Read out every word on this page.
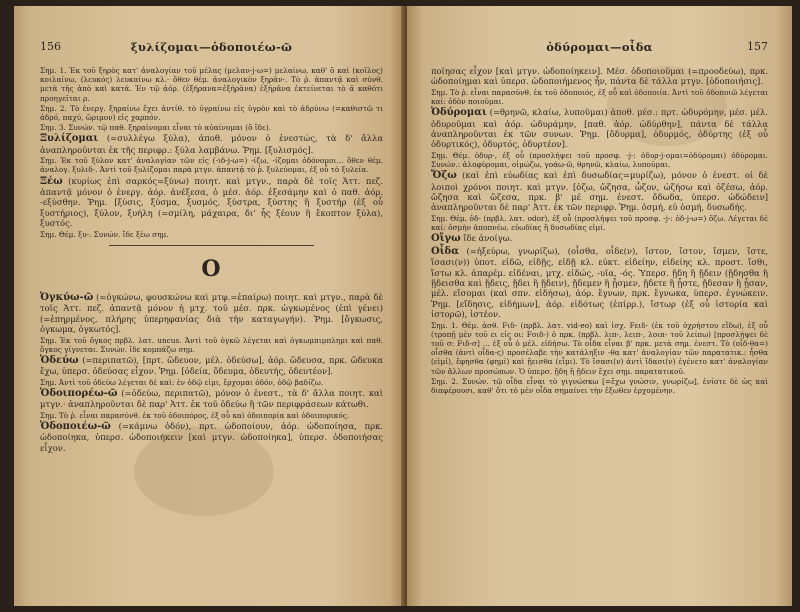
156	ξυλίζομαι—ὁδοποιέω-ῶ

Σημ. 1. Ἐκ τοῦ ξηρὸς κατ' ἀναλογίαν τοῦ μέλας (μελαν-j-ω=) μελαίνω, καθ' ὃ καὶ (κοῖλος) κοιλαίνω, (λευκός) λευκαίνω κλ.· ὅθεν θέμ. ἀναλογικὸν ξηρᾱν-. Τὸ ῥ. ἀπαντᾷ καὶ σύνθ. μετὰ τῆς ἀπὸ καὶ κατά. Ἐν τῷ ἀόρ. (ἐξήρανα=ἐξήρᾱνα) ἐξήρᾱνα ἐκτείνεται τὸ ᾱ καθότι προηγεῖται ρ.

Σημ. 2. Τὸ ἐνεργ. ξηραίνω ἔχει ἀντίθ. τὸ ὑγραίνω εἰς ὑγρὸν καὶ τὸ ἁδρύνω (=καθιστῶ τι ἁδρό, παχύ, ὥριμον) εἰς χαρπόν.

Σημ. 3. Συνών. τῷ παθ. ξηραίνομαι εἶναι τὸ αὐαίνομαι (ὃ ἴδε).

Ξυλίζομαι (=συλλέγω ξύλα), ἀποθ. μόνον ὁ ἐνεστώς, τὰ δ' ἄλλα ἀναπληροῦνται ἐκ τῆς περιφρ.: ξύλα λαμβάνω. Ῥημ. [ξυλισμός].

Σημ. Ἐκ τοῦ ξύλον κατ' ἀναλογίαν τῶν εἰς (-ιδ-j-ω=) -ίζω, -ίζομαι ὁδόνομοι... ὅθεν θέμ. ἀναλογ. ξυλιδ-. Ἀντὶ τοῦ ξυλίζομαι παρὰ μτγν. ἀπαντᾷ τὸ ῥ. ξυλεύομαι, ἐξ οὗ τὸ ξυλεία.

Ξέω (κυρίως ἐπὶ σαρκός=ξύνω) ποιητ. καὶ μτγν., παρὰ δὲ τοῖς Ἀττ. πεζ. ἀπαντᾷ μόνον ὁ ἐνεργ. ἀόρ. ἀνέξεσα, ὁ μέσ. ἀόρ. ἐξεσάμην καὶ ὁ παθ. ἀόρ. -εξύσθην. Ῥημ. [ξύσις, ξύσμα, ξυσμός, ξύστρα, ξύστης ἢ ξυστήρ (ἐξ οὗ ξυστήριος), ξύλον, ξυήλη (=σμίλη, μάχαιρα, δι' ἧς ξέουν ἢ ἔκοπτον ξύλα), ξυστός.

Σημ. Θέμ. ξυ-. Συνών. ἴδε ξέω σημ.

Ο

Ὀγκύω-ῶ (=ὀγκώνω, φουσκώνω καὶ μτφ.=ἐπαίρω) ποιητ. καὶ μτγν., παρὰ δὲ τοῖς Ἀττ. πεζ. ἀπαντᾷ μόνον ἡ μτχ. τοῦ μέσ. πρκ. ὠγκωμένος (ἐπὶ γένει) (=ἐπηρμένος, πλήρης ὑπερηφανίας διὰ τὴν καταγωγήν). Ῥημ. [ὄγκωσις, ὀγκωμα, ὀγκωτός].

Σημ. Ἐκ τοῦ ὄγκος πρβλ. λατ. uncus. Ἀντὶ τοῦ ὀγκῶ λέγεται καὶ ὀγκωμπιμπλημι καὶ παθ. ὄγκος γίγνεται. Συνών. ἴδε κομπάζω σημ.

Ὁδεύω (=περιπατῶ), [πρτ. ὥδευον, μέλ. ὁδεύσω], ἀόρ. ὥδευσα, πρκ. ὥδευκα ἔχω, ὑπερσ. ὁδεύσας εἶχον. Ῥημ. [ὁδεία, ὅδευμα, ὁδευτής, ὁδευτέον].

Σημ. Ἀντὶ τοῦ ὁδεύω λέγεται δὲ καὶ: ἐν ὁδῷ εἰμι, ἔρχομαι ὁδόν, ὁδῷ βαδίζω.

Ὁδοιπορέω-ῶ (=ὁδεύω, περιπατῶ), μόνον ὁ ἐνεστ., τὰ δ' ἄλλα ποιητ. καὶ μτγν.· ἀναπληροῦνται δὲ παρ' Ἀττ. ἐκ τοῦ ὁδεύω ἢ τῶν περιφράσεων κάτωθι.

Σημ. Τὸ ῥ. εἶναι παρασύνθ. ἐκ τοῦ ὁδοιπόρος, ἐξ οὗ καὶ ὁδοιπορία καὶ ὁδοιπορικός.

Ὁδοποιέω-ῶ (=κάμνω ὁδόν), πρτ. ὡδοποίουν, ἀόρ. ὡδοποίησα, πρκ. ὡδοποίηκα, ὑπερσ. ὡδοποιήκειν [καὶ μτγν. ὡδοποίηκα], ὑπερσ. ὁδοποιήσας εἶχον.

ὀδύρομαι—οἶδα	157

ποίησας εἶχον [καὶ μτγν. ὡδοποίηκειν]. Μέσ. ὁδοποιοῦμαι (=προοδεύω), πρκ. ὡδοποίημαι καὶ ὑπερσ. ὡδοποιήμενος ἦν, πάντα δὲ τάλλα μτγν. [ὁδοποιήσις].

Σημ. Τὸ ῥ. εἶναι παρασύνθ. ἐκ τοῦ ὁδοποιός, ἐξ οὗ καὶ ὁδοποιία. Ἀντὶ τοῦ ὁδοποιῶ λέγεται καί: ὁδὸν ποιοῦμαι.

Ὀδύρομαι (=θρηνῶ, κλαίω, λυποῦμαι) ἀποθ. μέσ.: πρτ. ὠδυρόμην, μέσ. μέλ. ὀδυροῦμαι καὶ ἀόρ. ὠδυράμην, [παθ. ἀόρ. ὠδύρθην], πάντα δὲ τάλλα ἀναπληροῦνται ἐκ τῶν συνων. Ῥημ. [ὄδυρμα], ὀδυρμός, ὀδύρτης (ἐξ οὗ ὀδυρτικός), ὀδυρτός, ὀδυρτέον].

Σημ. Θέμ. ὀδυρ-, ἐξ οὗ (προσλήψει τοῦ προσφ. -j-: ὀδυρ-j-ομαι=ὀδύρομαι) ὀδύρομαι. Συνών.: ἀλοφύρομαι, οἰμώζω, γοάω-ῶ, θρηνῶ, κλαίω, λυποῦμαι.

Ὄζω (καὶ ἐπὶ εὐωδίας καὶ ἐπὶ δυσωδίας=μυρίζω), μόνον ὁ ἐνεστ. οἱ δὲ λοιποὶ χρόνοι ποιητ. καὶ μτγν. [ὀζω, ὤζησα, ὦζον, ὠζήσω καὶ ὀζέσω, ἀόρ. ὤζησα καὶ ὤζεσα, πρκ. β' μέ σημ. ἐνεστ. ὄδωδα, ὑπερσ. ὠδώδειν] ἀναπληροῦνται δὲ παρ' Ἀττ. ἐκ τῶν περιφρ. Ῥημ. ὀσμή, εὐ ὀσμή, δυσωδής.

Σημ. Θέμ. ὀδ- (πρβλ. λατ. odor), ἐξ οὗ (προσλήψει τοῦ προσφ. -j-: ὀδ-j-ω=) ὄζω. Λέγεται δὲ καί: ὀσμὴν ἀποπνέω, εὐωδίας ἢ δυσωδίας εἰμί.

Οἴγω ἴδε ἀνοίγω.

Οἶδα (=ἠξεύρω, γνωρίζω), (οἶσθα, οἶδε(ν), ἴστον, ἴστον, ἴσμεν, ἴστε, ἴσασι(ν)) ὑποτ. εἰδῶ, εἰδῇς, εἰδῇ κλ. εὐκτ. εἰδείην, εἰδείης κλ. προστ. ἴσθι, ἴστω κλ. ἀπαρέμ. εἰδέναι, μτχ. εἰδώς, -υῖα, -ός. Ὑπερσ. ᾔδη ἢ ᾔδειν (ᾔδησθα ἢ ᾔδεισθα καὶ ᾔδεις, ᾔδει ἢ ᾔδειν), ᾔδεμεν ἢ ᾖσμεν, ᾔδετε ἢ ᾖστε, ᾔδεσαν ἢ ᾖσαν, μέλ. εἴσομαι (καὶ σπν. εἰδήσω), ἀόρ. ἔγνων, πρκ. ἔγνωκα, ὑπερσ. ἐγνώκειν. Ῥημ. [εἴδησις, εἰδήμων], ἀόρ. εἰδότως (ἐπίρρ.), ἴστωρ (ἐξ οὗ ἱστορία καὶ ἱστορῶ), ἰστέον.

Σημ. 1. Θέμ. ἀσθ. Fιδ- (πρβλ. λατ. vid-eo) καὶ ἰσχ. Fειδ- (ἐκ τοῦ ὁχρήστου εἴδω), ἐξ οὗ (τροπῇ μὲν τοῦ ει εἰς οι: Fοιδ-) ὁ πρκ. (πρβλ. λιπ-, λειπ-, λοιπ- τοῦ λείπω) [προσλήψει δὲ τοῦ σ: Fιδ-σ] ... ἐξ οὗ ὁ μέλ. εἰδήσω. Τὸ οἶδα εἶναι β' πρκ. μετὰ σημ. ἐνεστ. Τὸ (οἶδ-θα=) οἶσθα (ἀντὶ οἶδα-ς) προσέλαβε τὴν κατάληξιν -θα κατ' ἀναλογίαν τῶν παρατατικ.: ἦσθα (εἰμί), ἔφησθα (φημί) καὶ ᾔεισθα (εἶμι). Τὸ ἴσασι(ν) ἀντὶ ἴδασι(ν) ἐγένετο κατ' ἀναλογίαν τῶν ἄλλων προσώπων. Ὁ ὑπερσ. ᾔδη ἢ ᾔδειν ἔχει σημ. παρατατικοῦ.

Σημ. 2. Συνών. τῷ οἶδα εἶναι τὸ γιγνώσκω [=ἔχω γνώσιν, γνωρίζω], ἐνίοτε δὲ ὡς καὶ διαφέρουσι, καθ' ὅτι τὸ μὲν οἶδα σημαίνει τὴν ἔξωθεν ἐρχομένην.
